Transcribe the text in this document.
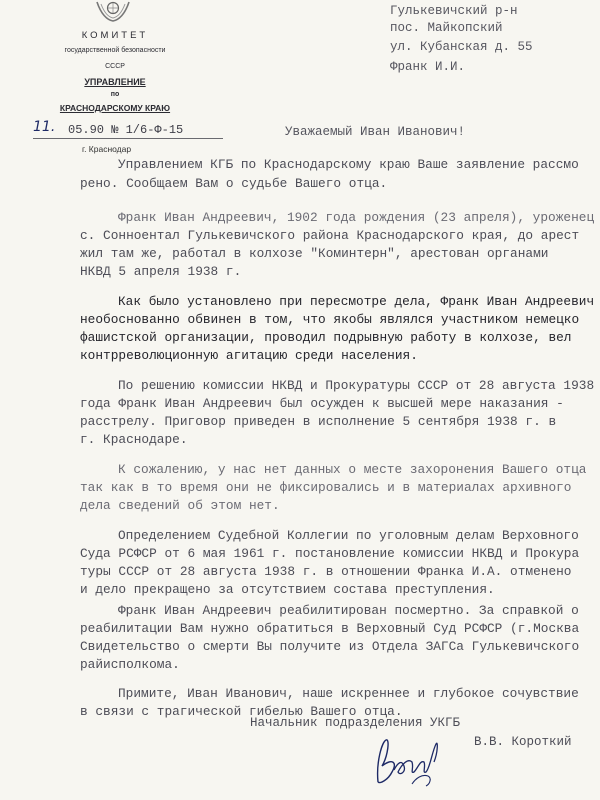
КОМИТЕТ
государственной безопасности
СССР
УПРАВЛЕНИЕ
по
КРАСНОДАРСКОМУ КРАЮ
11. 05.90 № 1/6-Ф-15
г. Краснодар
Гулькевичский р-н
пос. Майкопский
ул. Кубанская д. 55
Франк И.И.
Уважаемый Иван Иванович!
Управлением КГБ по Краснодарскому краю Ваше заявление рассмо
рено. Сообщаем Вам о судьбе Вашего отца.
Франк Иван Андреевич, 1902 года рождения (23 апреля), уроженец
с. Сонноентал Гулькевичского района Краснодарского края, до арест
жил там же, работал в колхозе "Коминтерн", арестован органами
НКВД 5 апреля 1938 г.
Как было установлено при пересмотре дела, Франк Иван Андреевич
необоснованно обвинен в том, что якобы являлся участником немецко
фашистской организации, проводил подрывную работу в колхозе, вел
контрреволюционную агитацию среди населения.
По решению комиссии НКВД и Прокуратуры СССР от 28 августа 1938
года Франк Иван Андреевич был осужден к высшей мере наказания -
расстрелу. Приговор приведен в исполнение 5 сентября 1938 г. в
г. Краснодаре.
К сожалению, у нас нет данных о месте захоронения Вашего отца
так как в то время они не фиксировались и в материалах архивного
дела сведений об этом нет.
Определением Судебной Коллегии по уголовным делам Верховного
Суда РСФСР от 6 мая 1961 г. постановление комиссии НКВД и Прокура
туры СССР от 28 августа 1938 г. в отношении Франка И.А. отменено
и дело прекращено за отсутствием состава преступления.
Франк Иван Андреевич реабилитирован посмертно. За справкой о
реабилитации Вам нужно обратиться в Верховный Суд РСФСР (г.Москва
Свидетельство о смерти Вы получите из Отдела ЗАГСа Гулькевичского
райисполкома.
Примите, Иван Иванович, наше искреннее и глубокое сочувствие
в связи с трагической гибелью Вашего отца.
Начальник подразделения УКГБ
В.В. Короткий
